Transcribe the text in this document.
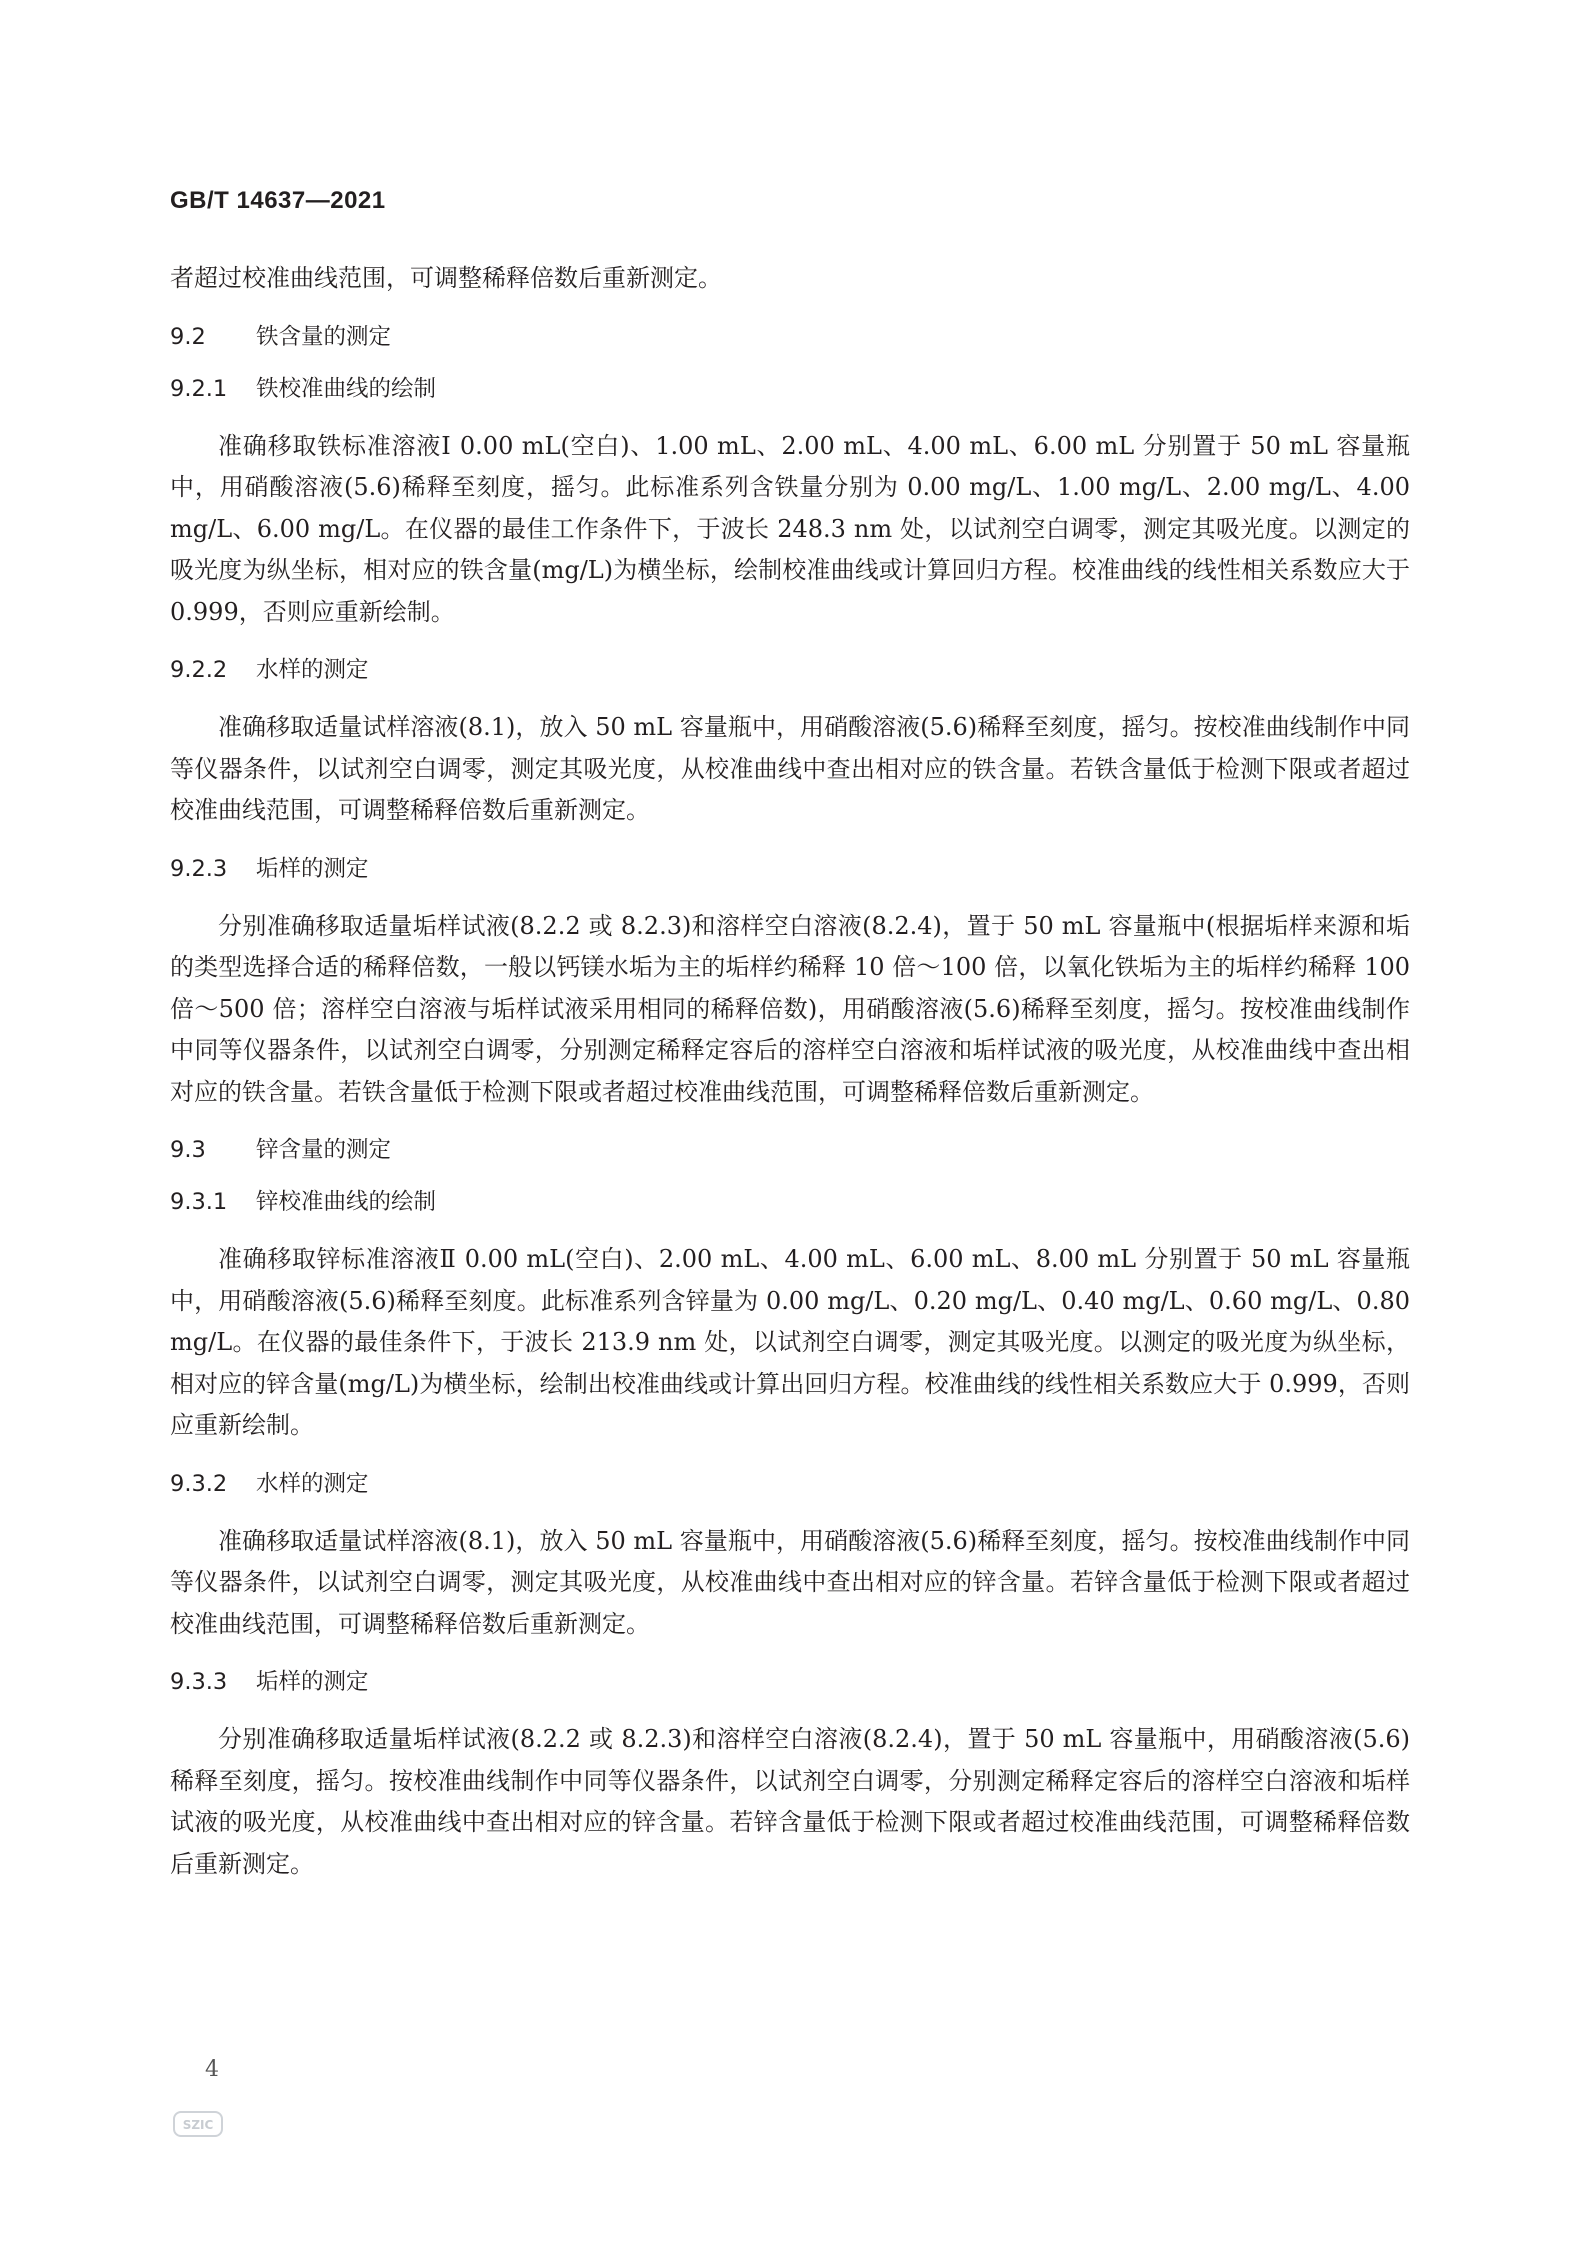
GB/T 14637—2021

者超过校准曲线范围，可调整稀释倍数后重新测定。

9.2	铁含量的测定
9.2.1	铁校准曲线的绘制

准确移取铁标准溶液Ⅰ 0.00 mL(空白)、1.00 mL、2.00 mL、4.00 mL、6.00 mL 分别置于 50 mL 容量瓶中，用硝酸溶液(5.6)稀释至刻度，摇匀。此标准系列含铁量分别为 0.00 mg/L、1.00 mg/L、2.00 mg/L、4.00 mg/L、6.00 mg/L。在仪器的最佳工作条件下，于波长 248.3 nm 处，以试剂空白调零，测定其吸光度。以测定的吸光度为纵坐标，相对应的铁含量(mg/L)为横坐标，绘制校准曲线或计算回归方程。校准曲线的线性相关系数应大于 0.999，否则应重新绘制。

9.2.2	水样的测定

准确移取适量试样溶液(8.1)，放入 50 mL 容量瓶中，用硝酸溶液(5.6)稀释至刻度，摇匀。按校准曲线制作中同等仪器条件，以试剂空白调零，测定其吸光度，从校准曲线中查出相对应的铁含量。若铁含量低于检测下限或者超过校准曲线范围，可调整稀释倍数后重新测定。

9.2.3	垢样的测定

分别准确移取适量垢样试液(8.2.2 或 8.2.3)和溶样空白溶液(8.2.4)，置于 50 mL 容量瓶中(根据垢样来源和垢的类型选择合适的稀释倍数，一般以钙镁水垢为主的垢样约稀释 10 倍～100 倍，以氧化铁垢为主的垢样约稀释 100 倍～500 倍；溶样空白溶液与垢样试液采用相同的稀释倍数)，用硝酸溶液(5.6)稀释至刻度，摇匀。按校准曲线制作中同等仪器条件，以试剂空白调零，分别测定稀释定容后的溶样空白溶液和垢样试液的吸光度，从校准曲线中查出相对应的铁含量。若铁含量低于检测下限或者超过校准曲线范围，可调整稀释倍数后重新测定。

9.3	锌含量的测定
9.3.1	锌校准曲线的绘制

准确移取锌标准溶液Ⅱ 0.00 mL(空白)、2.00 mL、4.00 mL、6.00 mL、8.00 mL 分别置于 50 mL 容量瓶中，用硝酸溶液(5.6)稀释至刻度。此标准系列含锌量为 0.00 mg/L、0.20 mg/L、0.40 mg/L、0.60 mg/L、0.80 mg/L。在仪器的最佳条件下，于波长 213.9 nm 处，以试剂空白调零，测定其吸光度。以测定的吸光度为纵坐标，相对应的锌含量(mg/L)为横坐标，绘制出校准曲线或计算出回归方程。校准曲线的线性相关系数应大于 0.999，否则应重新绘制。

9.3.2	水样的测定

准确移取适量试样溶液(8.1)，放入 50 mL 容量瓶中，用硝酸溶液(5.6)稀释至刻度，摇匀。按校准曲线制作中同等仪器条件，以试剂空白调零，测定其吸光度，从校准曲线中查出相对应的锌含量。若锌含量低于检测下限或者超过校准曲线范围，可调整稀释倍数后重新测定。

9.3.3	垢样的测定

分别准确移取适量垢样试液(8.2.2 或 8.2.3)和溶样空白溶液(8.2.4)，置于 50 mL 容量瓶中，用硝酸溶液(5.6)稀释至刻度，摇匀。按校准曲线制作中同等仪器条件，以试剂空白调零，分别测定稀释定容后的溶样空白溶液和垢样试液的吸光度，从校准曲线中查出相对应的锌含量。若锌含量低于检测下限或者超过校准曲线范围，可调整稀释倍数后重新测定。

4
SZIC
